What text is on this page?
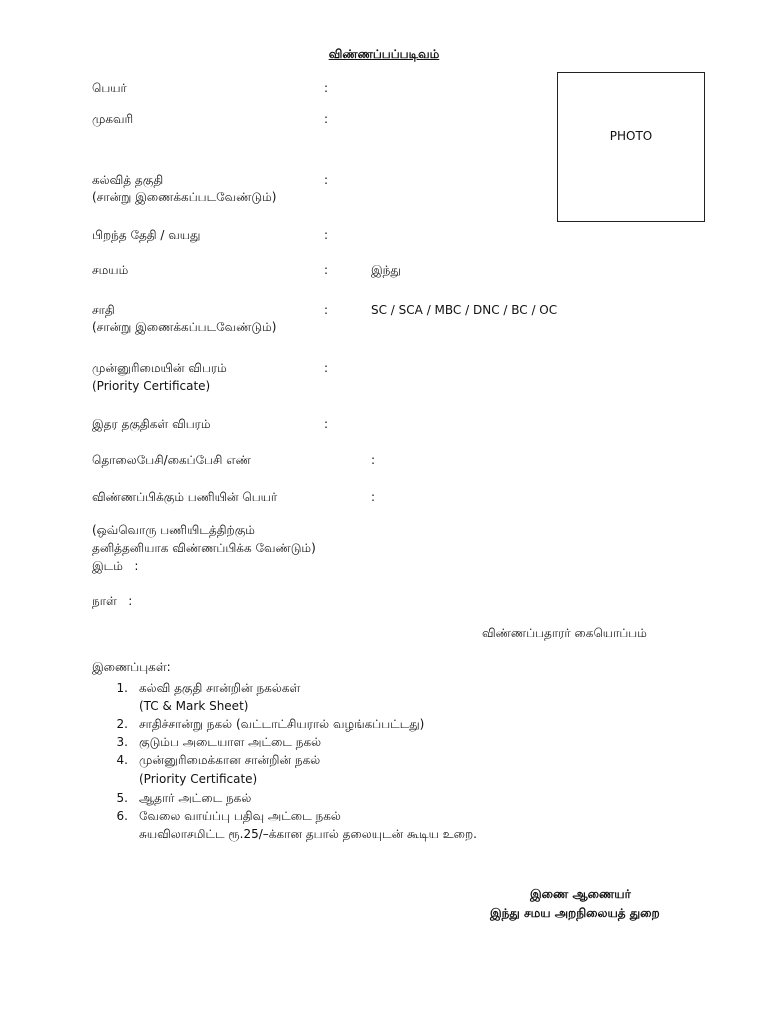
விண்ணப்பப்படிவம்
PHOTO
பெயர்	:
முகவரி	:
கல்வித் தகுதி
(சான்று இணைக்கப்படவேண்டும்)
:
பிறந்த தேதி / வயது	:
சமயம்	:	இந்து
சாதி
(சான்று இணைக்கப்படவேண்டும்)
:	SC / SCA / MBC / DNC / BC / OC
முன்னுரிமையின் விபரம்
(Priority Certificate)
:
இதர தகுதிகள் விபரம்	:
தொலைபேசி/கைப்பேசி எண்	:
விண்ணப்பிக்கும் பணியின் பெயர்	:
(ஒவ்வொரு பணியிடத்திற்கும்
தனித்தனியாக விண்ணப்பிக்க வேண்டும்)
இடம்   :
நாள்   :
விண்ணப்பதாரர் கையொப்பம்
இணைப்புகள்:
1. கல்வி தகுதி சான்றின் நகல்கள்
(TC & Mark Sheet)
2. சாதிச்சான்று நகல் (வட்டாட்சியரால் வழங்கப்பட்டது)
3. குடும்ப அடையாள அட்டை நகல்
4. முன்னுரிமைக்கான சான்றின் நகல்
(Priority Certificate)
5. ஆதார் அட்டை நகல்
6. வேலை வாய்ப்பு பதிவு அட்டை நகல்
சுயவிலாசமிட்ட ரூ.25/–க்கான தபால் தலையுடன் கூடிய உறை.
இணை ஆணையர்
இந்து சமய அறநிலையத் துறை
